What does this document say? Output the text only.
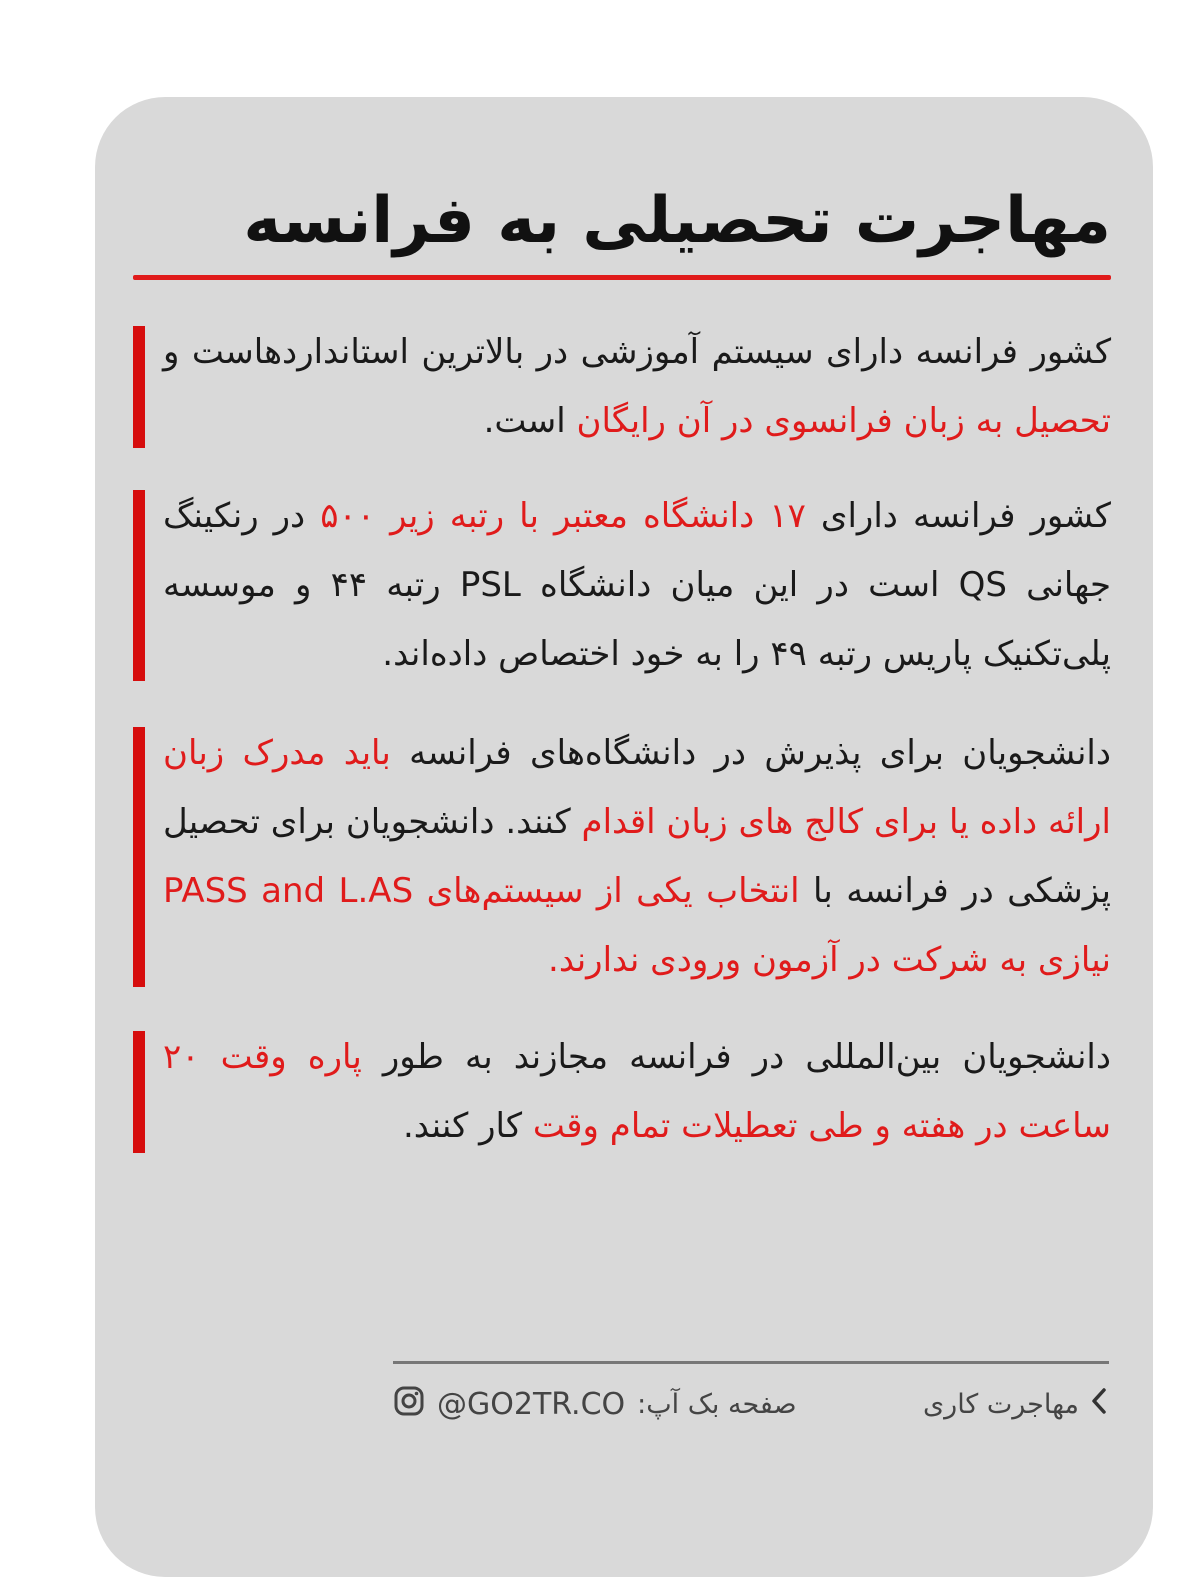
مهاجرت تحصیلی به فرانسه

کشور فرانسه دارای سیستم آموزشی در بالاترین استانداردهاست و تحصیل به زبان فرانسوی در آن رایگان است.

کشور فرانسه دارای ۱۷ دانشگاه معتبر با رتبه زیر ۵۰۰ در رنکینگ جهانی QS است در این میان دانشگاه PSL رتبه ۴۴ و موسسه پلی‌تکنیک پاریس رتبه ۴۹ را به خود اختصاص داده‌اند.

دانشجویان برای پذیرش در دانشگاه‌های فرانسه باید مدرک زبان ارائه داده یا برای کالج های زبان اقدام کنند. دانشجویان برای تحصیل پزشکی در فرانسه با انتخاب یکی از سیستم‌های PASS and L.AS نیازی به شرکت در آزمون ورودی ندارند.

دانشجویان بین‌المللی در فرانسه مجازند به طور پاره وقت ۲۰ ساعت در هفته و طی تعطیلات تمام وقت کار کنند.

@GO2TR.CO صفحه بک آپ:	مهاجرت کاری
